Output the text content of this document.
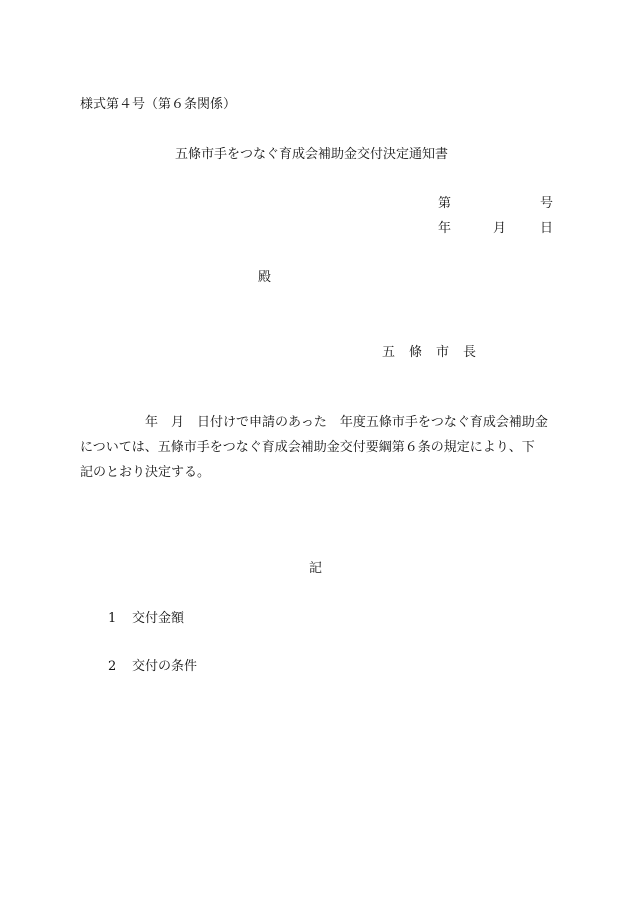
様式第４号（第６条関係）
五條市手をつなぐ育成会補助金交付決定通知書
第	号
年	月	日
殿
五 條 市 長
　　　　　年　月　日付けで申請のあった　年度五條市手をつなぐ育成会補助金
については、五條市手をつなぐ育成会補助金交付要綱第６条の規定により、下
記のとおり決定する。
記
1 交付金額
2 交付の条件
